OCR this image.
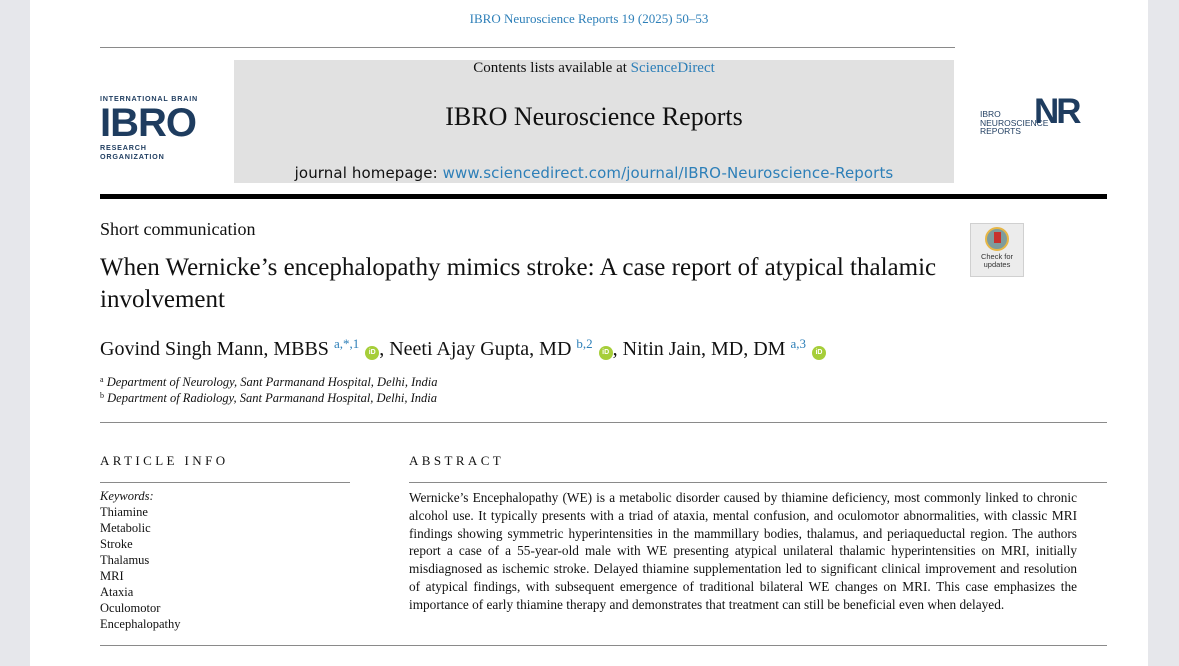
IBRO Neuroscience Reports 19 (2025) 50–53
INTERNATIONAL BRAIN
IBRO
RESEARCH ORGANIZATION
Contents lists available at ScienceDirect
IBRO Neuroscience Reports
journal homepage: www.sciencedirect.com/journal/IBRO-Neuroscience-Reports
NR
IBRO
NEUROSCIENCE
REPORTS
Short communication
When Wernicke’s encephalopathy mimics stroke: A case report of atypical thalamic involvement
Check for
updates
Govind Singh Mann, MBBS $^{a,*,1}$ iD , Neeti Ajay Gupta, MD $^{b,2}$ iD , Nitin Jain, MD, DM $^{a,3}$ iD
$^a$ Department of Neurology, Sant Parmanand Hospital, Delhi, India
$^b$ Department of Radiology, Sant Parmanand Hospital, Delhi, India
ARTICLE INFO	ABSTRACT
Keywords:
Thiamine
Metabolic
Stroke
Thalamus
MRI
Ataxia
Oculomotor
Encephalopathy
Wernicke’s Encephalopathy (WE) is a metabolic disorder caused by thiamine deficiency, most commonly linked to chronic alcohol use. It typically presents with a triad of ataxia, mental confusion, and oculomotor abnormalities, with classic MRI findings showing symmetric hyperintensities in the mammillary bodies, thalamus, and periaqueductal region. The authors report a case of a 55-year-old male with WE presenting atypical unilateral thalamic hyperintensities on MRI, initially misdiagnosed as ischemic stroke. Delayed thiamine supplementation led to significant clinical improvement and resolution of atypical findings, with subsequent emergence of traditional bilateral WE changes on MRI. This case emphasizes the importance of early thiamine therapy and demonstrates that treatment can still be beneficial even when delayed.
